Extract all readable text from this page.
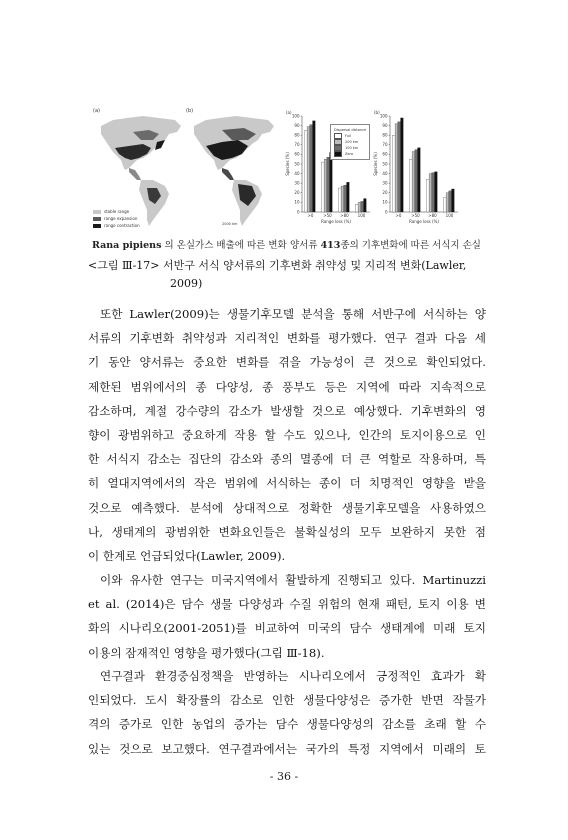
(a)
stable range
range expansion
range contraction
(b)
2000 km
(a)
0
10
20
30
40
50
60
70
80
90
100
Species (%)
>0 >50 >80 100
Range loss (%)
Dispersal distance
Full
200 km
100 km
Zero
(b)
0
10
20
30
40
50
60
70
80
90
100
Species (%)
>0 >50 >80 100
Range loss (%)
Rana pipiens 의 온실가스 배출에 따른 변화 양서류 413종의 기후변화에 따른 서식지 손실
<그림 Ⅲ-17> 서반구 서식 양서류의 기후변화 취약성 및 지리적 변화(Lawler,
2009)
또한 Lawler(2009)는 생물기후모델 분석을 통해 서반구에 서식하는 양
서류의 기후변화 취약성과 지리적인 변화를 평가했다. 연구 결과 다음 세
기 동안 양서류는 중요한 변화를 겪을 가능성이 큰 것으로 확인되었다.
제한된 범위에서의 종 다양성, 종 풍부도 등은 지역에 따라 지속적으로
감소하며, 계절 강수량의 감소가 발생할 것으로 예상했다. 기후변화의 영
향이 광범위하고 중요하게 작용 할 수도 있으나, 인간의 토지이용으로 인
한 서식지 감소는 집단의 감소와 종의 멸종에 더 큰 역할로 작용하며, 특
히 열대지역에서의 작은 범위에 서식하는 종이 더 치명적인 영향을 받을
것으로 예측했다. 분석에 상대적으로 정확한 생물기후모델을 사용하였으
나, 생태계의 광범위한 변화요인들은 불확실성의 모두 보완하지 못한 점
이 한계로 언급되었다(Lawler, 2009).
이와 유사한 연구는 미국지역에서 활발하게 진행되고 있다. Martinuzzi
et al. (2014)은 담수 생물 다양성과 수질 위험의 현재 패턴, 토지 이용 변
화의 시나리오(2001-2051)를 비교하여 미국의 담수 생태계에 미래 토지
이용의 잠재적인 영향을 평가했다(그림 Ⅲ-18).
연구결과 환경중심정책을 반영하는 시나리오에서 긍정적인 효과가 확
인되었다. 도시 확장률의 감소로 인한 생물다양성은 증가한 반면 작물가
격의 증가로 인한 농업의 증가는 담수 생물다양성의 감소를 초래 할 수
있는 것으로 보고했다. 연구결과에서는 국가의 특정 지역에서 미래의 토
- 36 -
